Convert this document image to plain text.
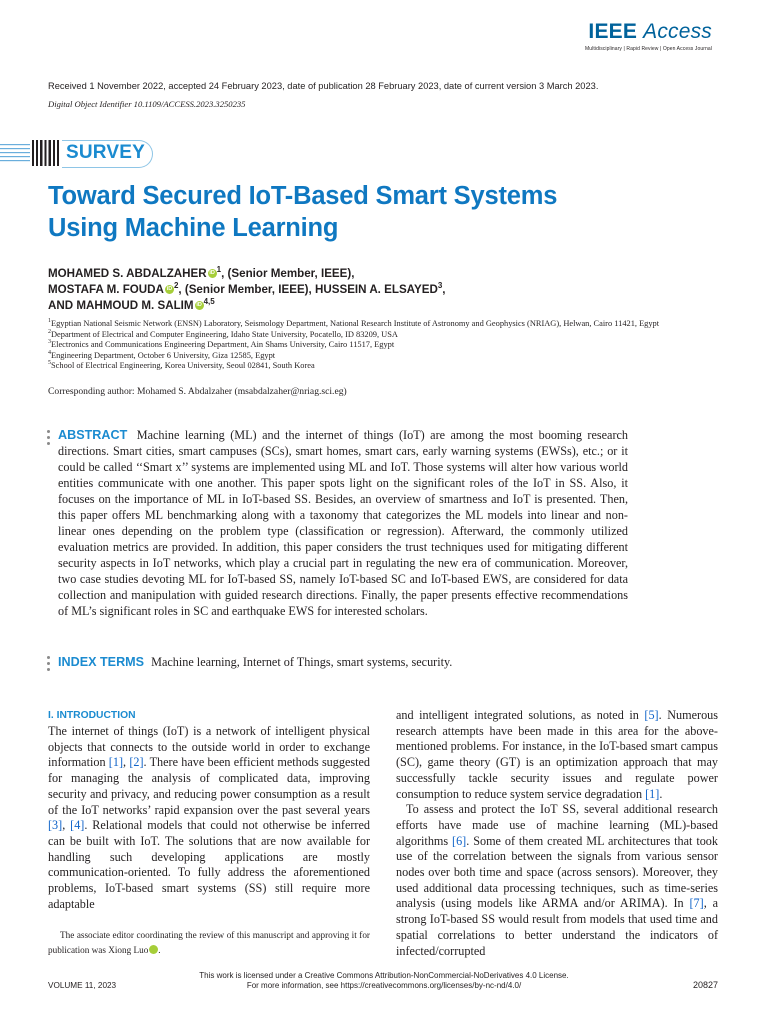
IEEE Access
Multidisciplinary | Rapid Review | Open Access Journal
Received 1 November 2022, accepted 24 February 2023, date of publication 28 February 2023, date of current version 3 March 2023.
Digital Object Identifier 10.1109/ACCESS.2023.3250235
SURVEY
Toward Secured IoT-Based Smart Systems
Using Machine Learning
MOHAMED S. ABDALZAHER iD $^1$, (Senior Member, IEEE),
MOSTAFA M. FOUDA iD $^2$, (Senior Member, IEEE), HUSSEIN A. ELSAYED$^3$,
AND MAHMOUD M. SALIM iD $^{4,5}$
$^1$Egyptian National Seismic Network (ENSN) Laboratory, Seismology Department, National Research Institute of Astronomy and Geophysics (NRIAG), Helwan, Cairo 11421, Egypt
$^2$Department of Electrical and Computer Engineering, Idaho State University, Pocatello, ID 83209, USA
$^3$Electronics and Communications Engineering Department, Ain Shams University, Cairo 11517, Egypt
$^4$Engineering Department, October 6 University, Giza 12585, Egypt
$^5$School of Electrical Engineering, Korea University, Seoul 02841, South Korea
Corresponding author: Mohamed S. Abdalzaher (msabdalzaher@nriag.sci.eg)
ABSTRACT Machine learning (ML) and the internet of things (IoT) are among the most booming research directions. Smart cities, smart campuses (SCs), smart homes, smart cars, early warning systems (EWSs), etc.; or it could be called ‘‘Smart x’’ systems are implemented using ML and IoT. Those systems will alter how various world entities communicate with one another. This paper spots light on the significant roles of the IoT in SS. Also, it focuses on the importance of ML in IoT-based SS. Besides, an overview of smartness and IoT is presented. Then, this paper offers ML benchmarking along with a taxonomy that categorizes the ML models into linear and non-linear ones depending on the problem type (classification or regression). Afterward, the commonly utilized evaluation metrics are provided. In addition, this paper considers the trust techniques used for mitigating different security aspects in IoT networks, which play a crucial part in regulating the new era of communication. Moreover, two case studies devoting ML for IoT-based SS, namely IoT-based SC and IoT-based EWS, are considered for data collection and manipulation with guided research directions. Finally, the paper presents effective recommendations of ML’s significant roles in SC and earthquake EWS for interested scholars.
INDEX TERMS Machine learning, Internet of Things, smart systems, security.
I. INTRODUCTION
The internet of things (IoT) is a network of intelligent physical objects that connects to the outside world in order to exchange information [1], [2]. There have been efficient methods suggested for managing the analysis of complicated data, improving security and privacy, and reducing power consumption as a result of the IoT networks’ rapid expansion over the past several years [3], [4]. Relational models that could not otherwise be inferred can be built with IoT. The solutions that are now available for handling such developing applications are mostly communication-oriented. To fully address the aforementioned problems, IoT-based smart systems (SS) still require more adaptable
The associate editor coordinating the review of this manuscript and approving it for publication was Xiong Luo iD.
and intelligent integrated solutions, as noted in [5]. Numerous research attempts have been made in this area for the above-mentioned problems. For instance, in the IoT-based smart campus (SC), game theory (GT) is an optimization approach that may successfully tackle security issues and regulate power consumption to reduce system service degradation [1].
To assess and protect the IoT SS, several additional research efforts have made use of machine learning (ML)-based algorithms [6]. Some of them created ML architectures that took use of the correlation between the signals from various sensor nodes over both time and space (across sensors). Moreover, they used additional data processing techniques, such as time-series analysis (using models like ARMA and/or ARIMA). In [7], a strong IoT-based SS would result from models that used time and spatial correlations to better understand the indicators of infected/corrupted
This work is licensed under a Creative Commons Attribution-NonCommercial-NoDerivatives 4.0 License.
For more information, see https://creativecommons.org/licenses/by-nc-nd/4.0/
VOLUME 11, 2023	20827
